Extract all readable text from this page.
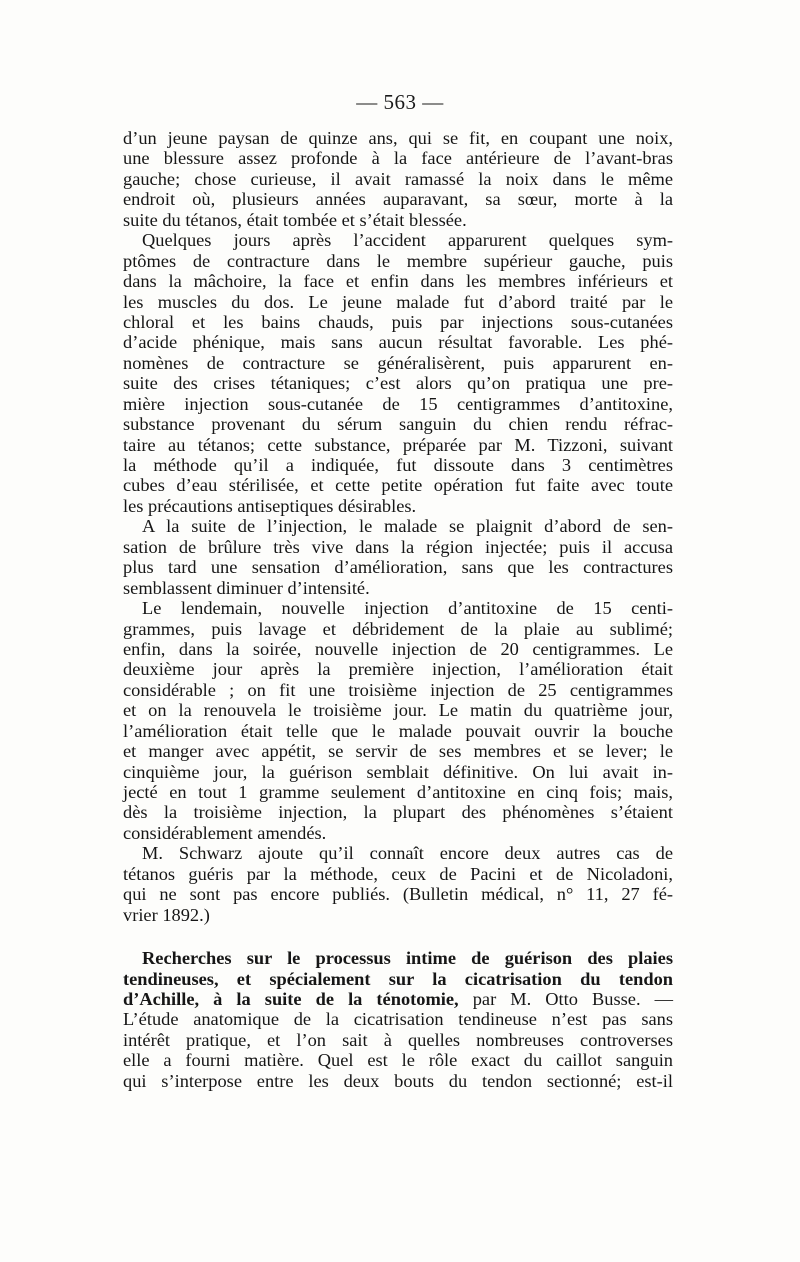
— 563 —
d’un jeune paysan de quinze ans, qui se fit, en coupant une noix,
une blessure assez profonde à la face antérieure de l’avant-bras
gauche; chose curieuse, il avait ramassé la noix dans le même
endroit où, plusieurs années auparavant, sa sœur, morte à la
suite du tétanos, était tombée et s’était blessée.
Quelques jours après l’accident apparurent quelques sym-
ptômes de contracture dans le membre supérieur gauche, puis
dans la mâchoire, la face et enfin dans les membres inférieurs et
les muscles du dos. Le jeune malade fut d’abord traité par le
chloral et les bains chauds, puis par injections sous-cutanées
d’acide phénique, mais sans aucun résultat favorable. Les phé-
nomènes de contracture se généralisèrent, puis apparurent en-
suite des crises tétaniques; c’est alors qu’on pratiqua une pre-
mière injection sous-cutanée de 15 centigrammes d’antitoxine,
substance provenant du sérum sanguin du chien rendu réfrac-
taire au tétanos; cette substance, préparée par M. Tizzoni, suivant
la méthode qu’il a indiquée, fut dissoute dans 3 centimètres
cubes d’eau stérilisée, et cette petite opération fut faite avec toute
les précautions antiseptiques désirables.
A la suite de l’injection, le malade se plaignit d’abord de sen-
sation de brûlure très vive dans la région injectée; puis il accusa
plus tard une sensation d’amélioration, sans que les contractures
semblassent diminuer d’intensité.
Le lendemain, nouvelle injection d’antitoxine de 15 centi-
grammes, puis lavage et débridement de la plaie au sublimé;
enfin, dans la soirée, nouvelle injection de 20 centigrammes. Le
deuxième jour après la première injection, l’amélioration était
considérable ; on fit une troisième injection de 25 centigrammes
et on la renouvela le troisième jour. Le matin du quatrième jour,
l’amélioration était telle que le malade pouvait ouvrir la bouche
et manger avec appétit, se servir de ses membres et se lever; le
cinquième jour, la guérison semblait définitive. On lui avait in-
jecté en tout 1 gramme seulement d’antitoxine en cinq fois; mais,
dès la troisième injection, la plupart des phénomènes s’étaient
considérablement amendés.
M. Schwarz ajoute qu’il connaît encore deux autres cas de
tétanos guéris par la méthode, ceux de Pacini et de Nicoladoni,
qui ne sont pas encore publiés. (Bulletin médical, n° 11, 27 fé-
vrier 1892.)
Recherches sur le processus intime de guérison des plaies
tendineuses, et spécialement sur la cicatrisation du tendon
d’Achille, à la suite de la ténotomie, par M. Otto Busse. —
L’étude anatomique de la cicatrisation tendineuse n’est pas sans
intérêt pratique, et l’on sait à quelles nombreuses controverses
elle a fourni matière. Quel est le rôle exact du caillot sanguin
qui s’interpose entre les deux bouts du tendon sectionné; est-il
